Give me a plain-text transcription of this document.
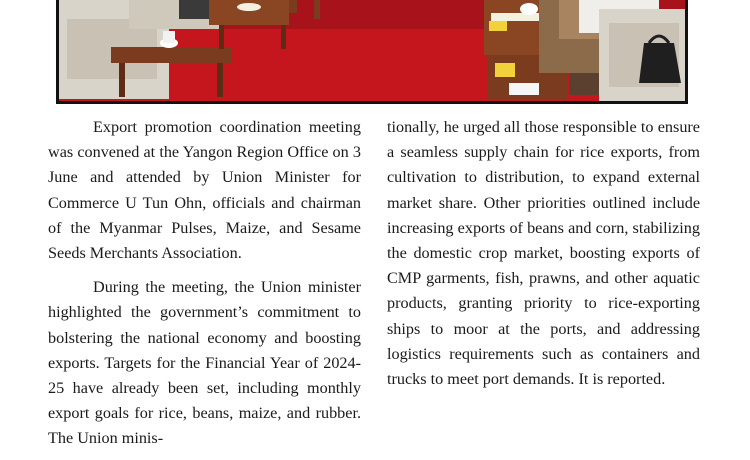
Export promotion coordination meeting was convened at the Yangon Region Office on 3 June and attended by Union Minister for Commerce U Tun Ohn, officials and chairman of the Myanmar Pulses, Maize, and Sesame Seeds Merchants Association.

During the meeting, the Union minister highlighted the government’s commitment to bolstering the national economy and boosting exports. Targets for the Financial Year of 2024-25 have already been set, including monthly export goals for rice, beans, maize, and rubber. The Union minis-

tionally, he urged all those responsible to ensure a seamless supply chain for rice exports, from cultivation to distribution, to expand external market share. Other priorities outlined include increasing exports of beans and corn, stabilizing the domestic crop market, boosting exports of CMP garments, fish, prawns, and other aquatic products, granting priority to rice-exporting ships to moor at the ports, and addressing logistics requirements such as containers and trucks to meet port demands. It is reported.
